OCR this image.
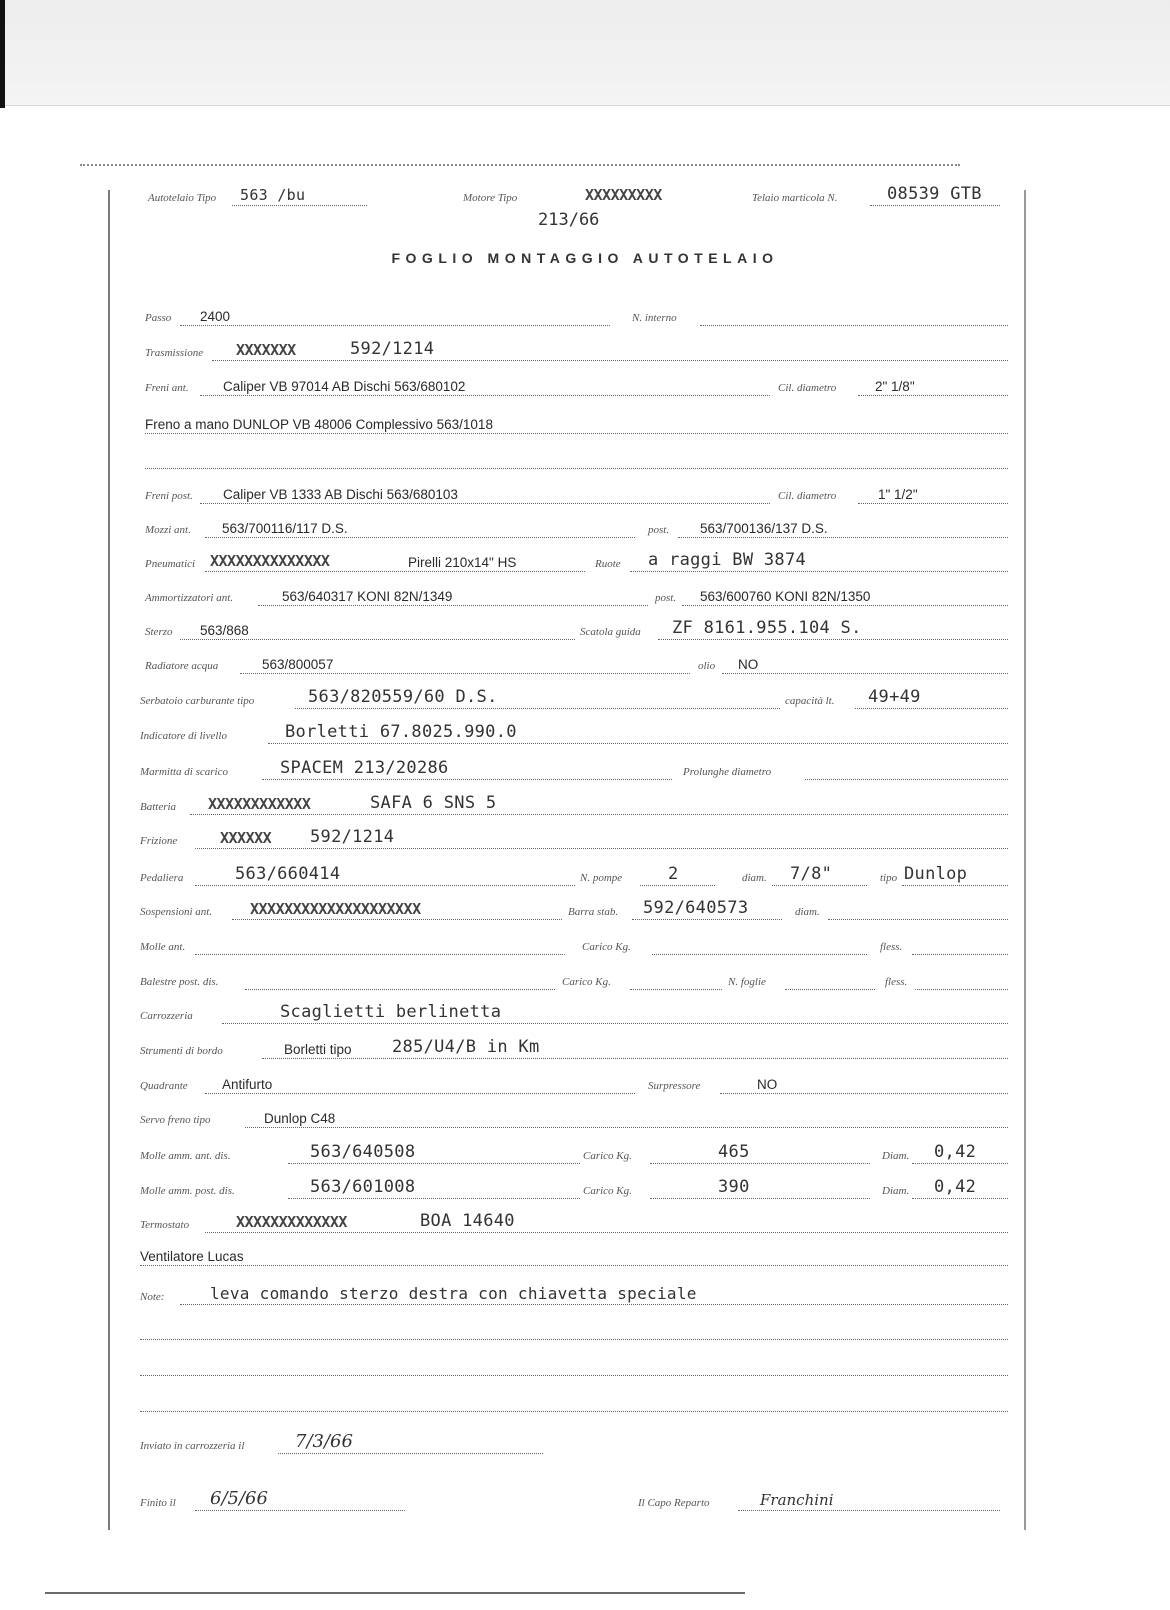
Autotelaio Tipo 563 /bu	Motore Tipo	XXXXXXXXX	Telaio marticola N.	08539 GTB
213/66
FOGLIO MONTAGGIO AUTOTELAIO
Passo 2400	N. interno
Trasmissione XXXXXXX	592/1214
Freni ant.	Caliper VB 97014 AB Dischi 563/680102	Cil. diametro	2" 1/8"
Freno a mano DUNLOP VB 48006 Complessivo 563/1018
Freni post. Caliper VB 1333 AB Dischi 563/680103	Cil. diametro	1" 1/2"
Mozzi ant. 563/700116/117 D.S.	post. 563/700136/137 D.S.
Pneumatici XXXXXXXXXXXXXX	Pirelli 210x14" HS	Ruote a raggi BW 3874
Ammortizzatori ant.	563/640317 KONI 82N/1349	post. 563/600760 KONI 82N/1350
Sterzo 563/868	Scatola guida ZF 8161.955.104 S.
Radiatore acqua	563/800057	olio NO
Serbatoio carburante tipo	563/820559/60 D.S.	capacità lt. 49+49
Indicatore di livello	Borletti 67.8025.990.0
Marmitta di scarico	SPACEM 213/20286	Prolunghe diametro
Batteria XXXXXXXXXXXX	SAFA 6 SNS 5
Frizione	XXXXXX 592/1214
Pedaliera	563/660414	N. pompe	2	diam. 7/8"	tipo Dunlop
Sospensioni ant.	XXXXXXXXXXXXXXXXXXXX	Barra stab. 592/640573	diam.
Molle ant.	Carico Kg.	fless.
Balestre post. dis.	Carico Kg.	N. foglie	fless.
Carrozzeria	Scaglietti berlinetta
Strumenti di bordo	Borletti tipo 285/U4/B in Km
Quadrante	Antifurto	Surpressore	NO
Servo freno tipo	Dunlop C48
Molle amm. ant. dis.	563/640508	Carico Kg.	465	Diam. 0,42
Molle amm. post. dis.	563/601008	Carico Kg.	390	Diam. 0,42
Termostato	XXXXXXXXXXXXX	BOA 14640
Ventilatore Lucas
Note:	leva comando sterzo destra con chiavetta speciale
Inviato in carrozzeria il	7/3/66
Finito il 6/5/66	Il Capo Reparto	Franchini
